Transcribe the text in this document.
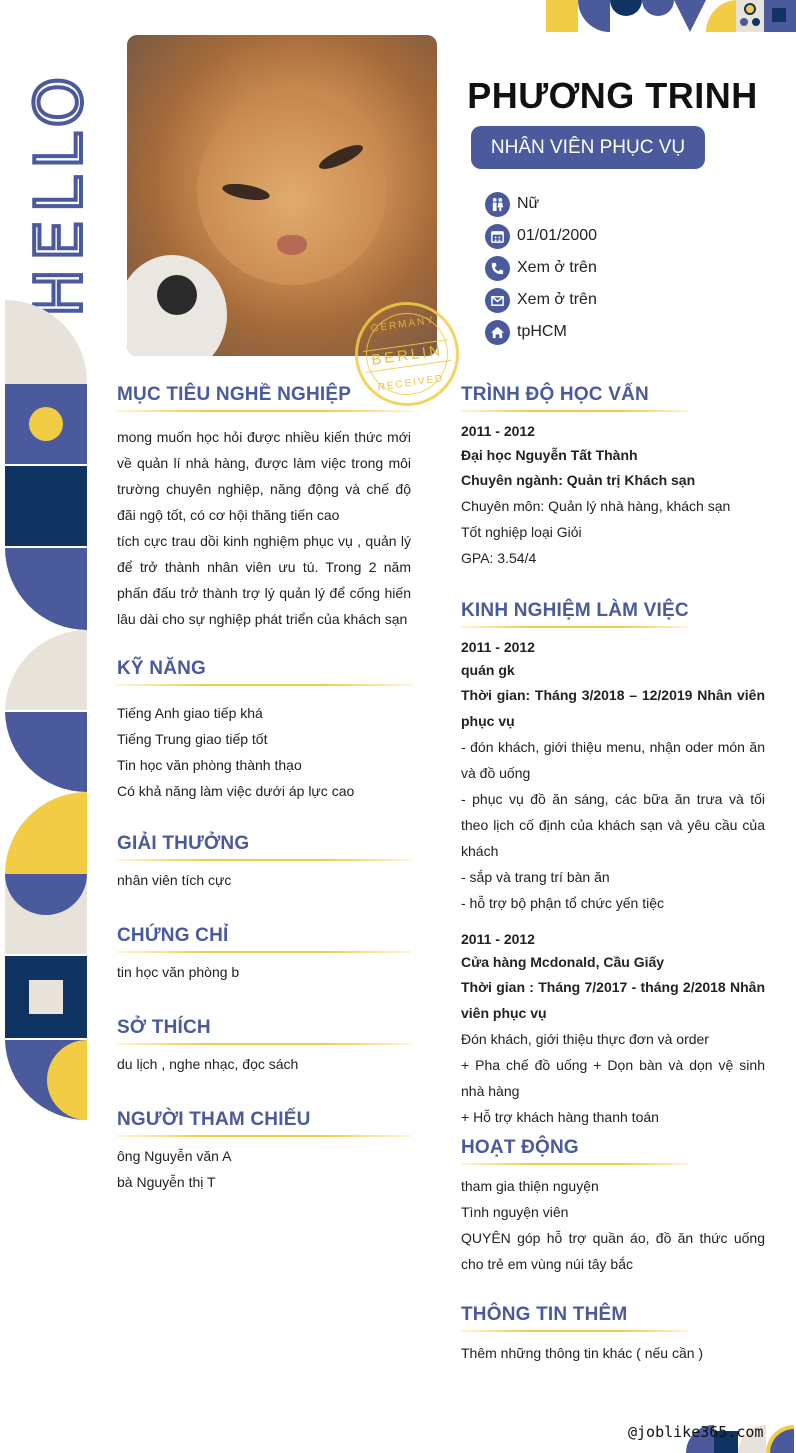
HELLO
GERMANY
BERLIN
RECEIVED
PHƯƠNG TRINH
NHÂN VIÊN PHỤC VỤ
Nữ
01/01/2000
Xem ở trên
Xem ở trên
tpHCM
MỤC TIÊU NGHỀ NGHIỆP

mong muốn học hỏi được nhiều kiến thức mới về quản lí nhà hàng, được làm việc trong môi trường chuyên nghiệp, năng động và chế độ đãi ngộ tốt, có cơ hội thăng tiến cao

tích cực trau dồi kinh nghiệm phục vụ , quản lý để trở thành nhân viên ưu tú. Trong 2 năm phấn đấu trở thành trợ lý quản lý để cống hiến lâu dài cho sự nghiệp phát triển của khách sạn

KỸ NĂNG

Tiếng Anh giao tiếp khá

Tiếng Trung giao tiếp tốt

Tin học văn phòng thành thạo

Có khả năng làm việc dưới áp lực cao

GIẢI THƯỞNG

nhân viên tích cực

CHỨNG CHỈ

tin học văn phòng b

SỞ THÍCH

du lịch , nghe nhạc, đọc sách

NGƯỜI THAM CHIẾU

ông Nguyễn văn A

bà Nguyễn thị T

TRÌNH ĐỘ HỌC VẤN

2011 - 2012

Đại học Nguyễn Tất Thành

Chuyên ngành: Quản trị Khách sạn

Chuyên môn: Quản lý nhà hàng, khách sạn

Tốt nghiệp loại Giỏi

GPA: 3.54/4

KINH NGHIỆM LÀM VIỆC

2011 - 2012

quán gk

Thời gian: Tháng 3/2018 – 12/2019 Nhân viên phục vụ

- đón khách, giới thiệu menu, nhận oder món ăn và đồ uống

- phục vụ đồ ăn sáng, các bữa ăn trưa và tối theo lịch cố định của khách sạn và yêu cầu của khách

- sắp và trang trí bàn ăn

- hỗ trợ bộ phận tổ chức yến tiệc

2011 - 2012

Cửa hàng Mcdonald, Cầu Giấy

Thời gian : Tháng 7/2017 - tháng 2/2018 Nhân viên phục vụ

Đón khách, giới thiệu thực đơn và order

+ Pha chế đồ uống + Dọn bàn và dọn vệ sinh nhà hàng

+ Hỗ trợ khách hàng thanh toán

HOẠT ĐỘNG

tham gia thiện nguyện

Tình nguyện viên

QUYÊN góp hỗ trợ quần áo, đồ ăn thức uống cho trẻ em vùng núi tây bắc

THÔNG TIN THÊM

Thêm những thông tin khác ( nếu cần )

@joblike365.com
